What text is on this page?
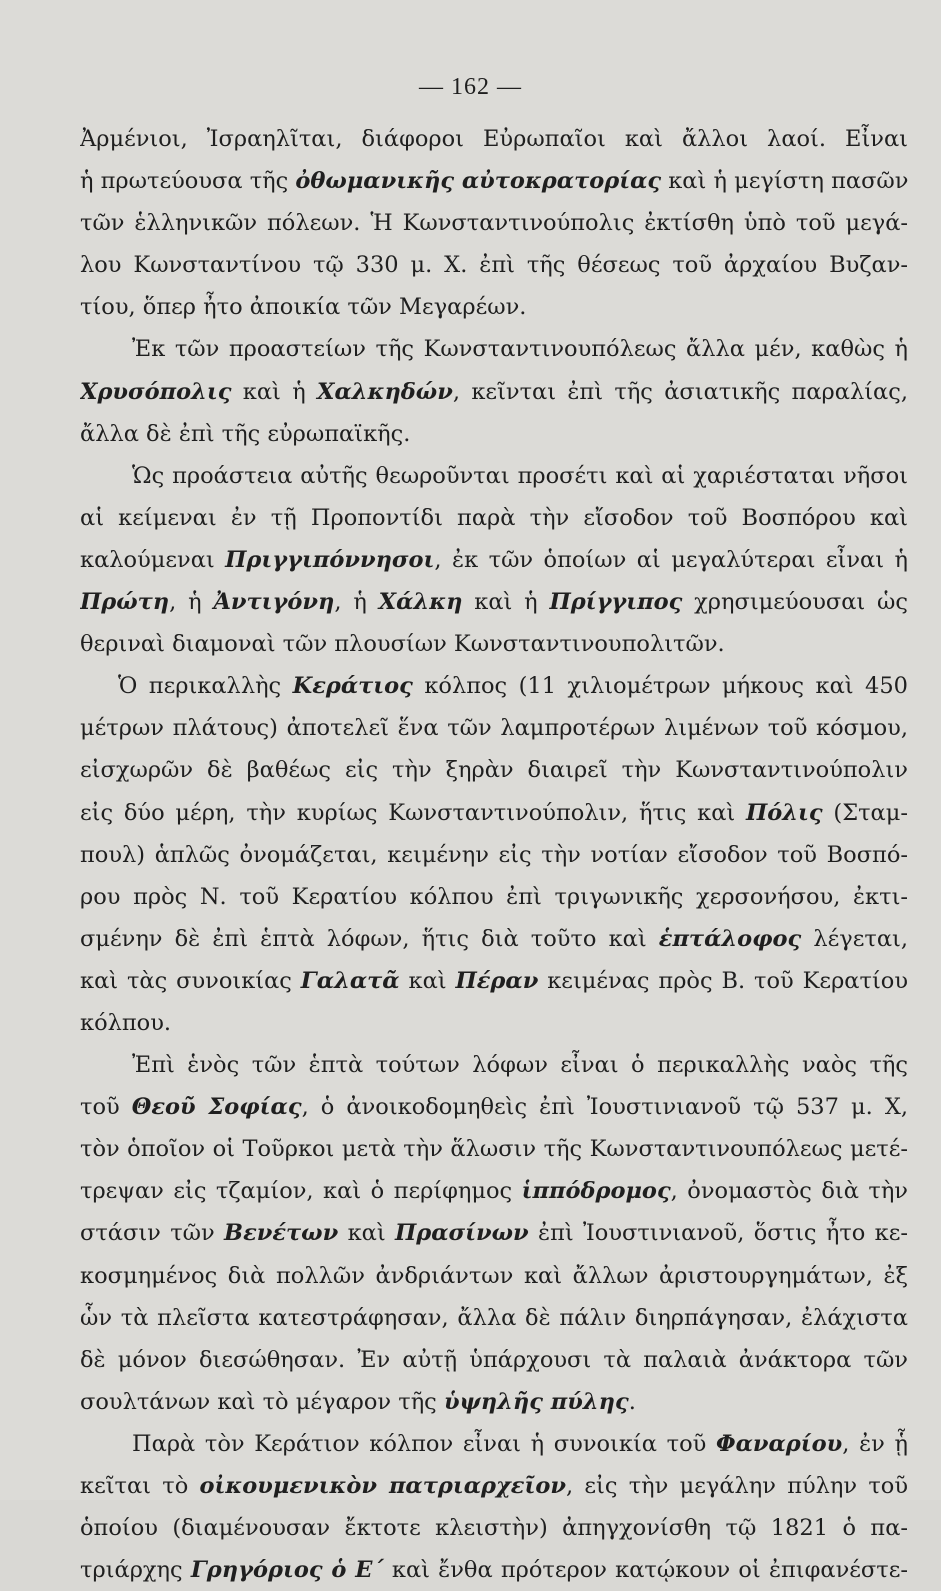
— 162 —
Ἀρμένιοι, Ἰσραηλῖται, διάφοροι Εὐρωπαῖοι καὶ ἄλλοι λαοί. Εἶναι
ἡ πρωτεύουσα τῆς ὀθωμανικῆς αὐτοκρατορίας καὶ ἡ μεγίστη πασῶν
τῶν ἑλληνικῶν πόλεων. Ἡ Κωνσταντινούπολις ἐκτίσθη ὑπὸ τοῦ μεγά-
λου Κωνσταντίνου τῷ 330 μ. Χ. ἐπὶ τῆς θέσεως τοῦ ἀρχαίου Βυζαν-
τίου, ὅπερ ἦτο ἀποικία τῶν Μεγαρέων.
Ἐκ τῶν προαστείων τῆς Κωνσταντινουπόλεως ἄλλα μέν, καθὼς ἡ
Χρυσόπολις καὶ ἡ Χαλκηδών, κεῖνται ἐπὶ τῆς ἀσιατικῆς παραλίας,
ἄλλα δὲ ἐπὶ τῆς εὐρωπαϊκῆς.
Ὡς προάστεια αὐτῆς θεωροῦνται προσέτι καὶ αἱ χαριέσταται νῆσοι
αἱ κείμεναι ἐν τῇ Προποντίδι παρὰ τὴν εἴσοδον τοῦ Βοσπόρου καὶ
καλούμεναι Πριγγιπόννησοι, ἐκ τῶν ὁποίων αἱ μεγαλύτεραι εἶναι ἡ
Πρώτη, ἡ Ἀντιγόνη, ἡ Χάλκη καὶ ἡ Πρίγγιπος χρησιμεύουσαι ὡς
θεριναὶ διαμοναὶ τῶν πλουσίων Κωνσταντινουπολιτῶν.
Ὁ περικαλλὴς Κεράτιος κόλπος (11 χιλιομέτρων μήκους καὶ 450
μέτρων πλάτους) ἀποτελεῖ ἕνα τῶν λαμπροτέρων λιμένων τοῦ κόσμου,
εἰσχωρῶν δὲ βαθέως εἰς τὴν ξηρὰν διαιρεῖ τὴν Κωνσταντινούπολιν
εἰς δύο μέρη, τὴν κυρίως Κωνσταντινούπολιν, ἥτις καὶ Πόλις (Σταμ-
πουλ) ἁπλῶς ὀνομάζεται, κειμένην εἰς τὴν νοτίαν εἴσοδον τοῦ Βοσπό-
ρου πρὸς Ν. τοῦ Κερατίου κόλπου ἐπὶ τριγωνικῆς χερσονήσου, ἐκτι-
σμένην δὲ ἐπὶ ἑπτὰ λόφων, ἥτις διὰ τοῦτο καὶ ἑπτάλοφος λέγεται,
καὶ τὰς συνοικίας Γαλατᾶ καὶ Πέραν κειμένας πρὸς Β. τοῦ Κερατίου
κόλπου.
Ἐπὶ ἑνὸς τῶν ἑπτὰ τούτων λόφων εἶναι ὁ περικαλλὴς ναὸς τῆς
τοῦ Θεοῦ Σοφίας, ὁ ἀνοικοδομηθεὶς ἐπὶ Ἰουστινιανοῦ τῷ 537 μ. Χ,
τὸν ὁποῖον οἱ Τοῦρκοι μετὰ τὴν ἅλωσιν τῆς Κωνσταντινουπόλεως μετέ-
τρεψαν εἰς τζαμίον, καὶ ὁ περίφημος ἱππόδρομος, ὀνομαστὸς διὰ τὴν
στάσιν τῶν Βενέτων καὶ Πρασίνων ἐπὶ Ἰουστινιανοῦ, ὅστις ἦτο κε-
κοσμημένος διὰ πολλῶν ἀνδριάντων καὶ ἄλλων ἀριστουργημάτων, ἐξ
ὧν τὰ πλεῖστα κατεστράφησαν, ἄλλα δὲ πάλιν διηρπάγησαν, ἐλάχιστα
δὲ μόνον διεσώθησαν. Ἐν αὐτῇ ὑπάρχουσι τὰ παλαιὰ ἀνάκτορα τῶν
σουλτάνων καὶ τὸ μέγαρον τῆς ὑψηλῆς πύλης.
Παρὰ τὸν Κεράτιον κόλπον εἶναι ἡ συνοικία τοῦ Φαναρίου, ἐν ᾗ
κεῖται τὸ οἰκουμενικὸν πατριαρχεῖον, εἰς τὴν μεγάλην πύλην τοῦ
ὁποίου (διαμένουσαν ἔκτοτε κλειστὴν) ἀπηγχονίσθη τῷ 1821 ὁ πα-
τριάρχης Γρηγόριος ὁ Ε΄ καὶ ἔνθα πρότερον κατῴκουν οἱ ἐπιφανέστε-
